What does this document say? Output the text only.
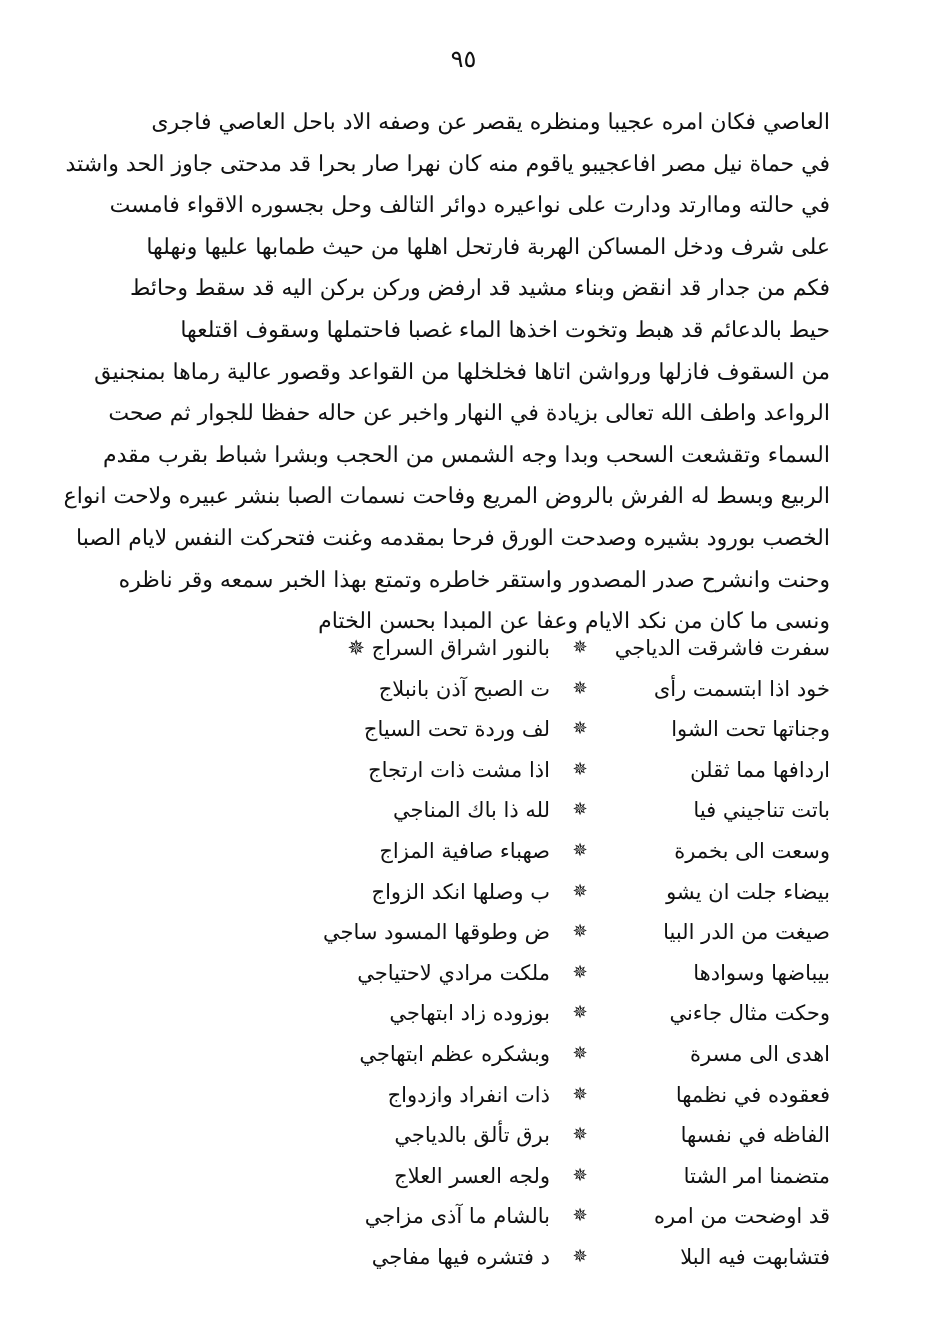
٩٥
العاصي فكان امره عجيبا ومنظره يقصر عن وصفه الاد باحل العاصي فاجرى
في حماة نيل مصر افاعجيبو ياقوم منه كان نهرا صار بحرا قد مدحتى جاوز الحد واشتد
في حالته وماارتد ودارت على نواعيره دوائر التالف وحل بجسوره الاقواء فامست
على شرف ودخل المساكن الهربة فارتحل اهلها من حيث طمابها عليها ونهلها
فكم من جدار قد انقض وبناء مشيد قد ارفض وركن بركن اليه قد سقط وحائط
حيط بالدعائم قد هبط وتخوت اخذها الماء غصبا فاحتملها وسقوف اقتلعها
من السقوف فازلها ورواشن اتاها فخلخلها من القواعد وقصور عالية رماها بمنجنيق
الرواعد واطف الله تعالى بزيادة في النهار واخبر عن حاله حفظا للجوار ثم صحت
السماء وتقشعت السحب وبدا وجه الشمس من الحجب وبشرا شباط بقرب مقدم
الربيع وبسط له الفرش بالروض المريع وفاحت نسمات الصبا بنشر عبيره ولاحت انواع
الخصب بورود بشيره وصدحت الورق فرحا بمقدمه وغنت فتحركت النفس لايام الصبا
وحنت وانشرح صدر المصدور واستقر خاطره وتمتع بهذا الخبر سمعه وقر ناظره
ونسى ما كان من نكد الايام وعفا عن المبدا بحسن الختام
سفرت فاشرقت الدياجي
✵
بالنور اشراق السراج ✵
خود اذا ابتسمت رأى
✵
ت الصبح آذن بانبلاج
وجناتها تحت الشوا
✵
لف وردة تحت السياج
اردافها مما ثقلن
✵
اذا مشت ذات ارتجاج
باتت تناجيني فيا
✵
لله ذا باك المناجي
وسعت الى بخمرة
✵
صهباء صافية المزاج
بيضاء جلت ان يشو
✵
ب وصلها انكد الزواج
صيغت من الدر البيا
✵
ض وطوقها المسود ساجي
بيباضها وسوادها
✵
ملكت مرادي لاحتياجي
وحكت مثال جاءني
✵
بوزوده زاد ابتهاجي
اهدى الى مسرة
✵
وبشكره عظم ابتهاجي
فعقوده في نظمها
✵
ذات انفراد وازدواج
الفاظه في نفسها
✵
برق تألق بالدياجي
متضمنا امر الشتا
✵
ولجه العسر العلاج
قد اوضحت من امره
✵
بالشام ما آذى مزاجي
فتشابهت فيه البلا
✵
د فتشره فيها مفاجي
